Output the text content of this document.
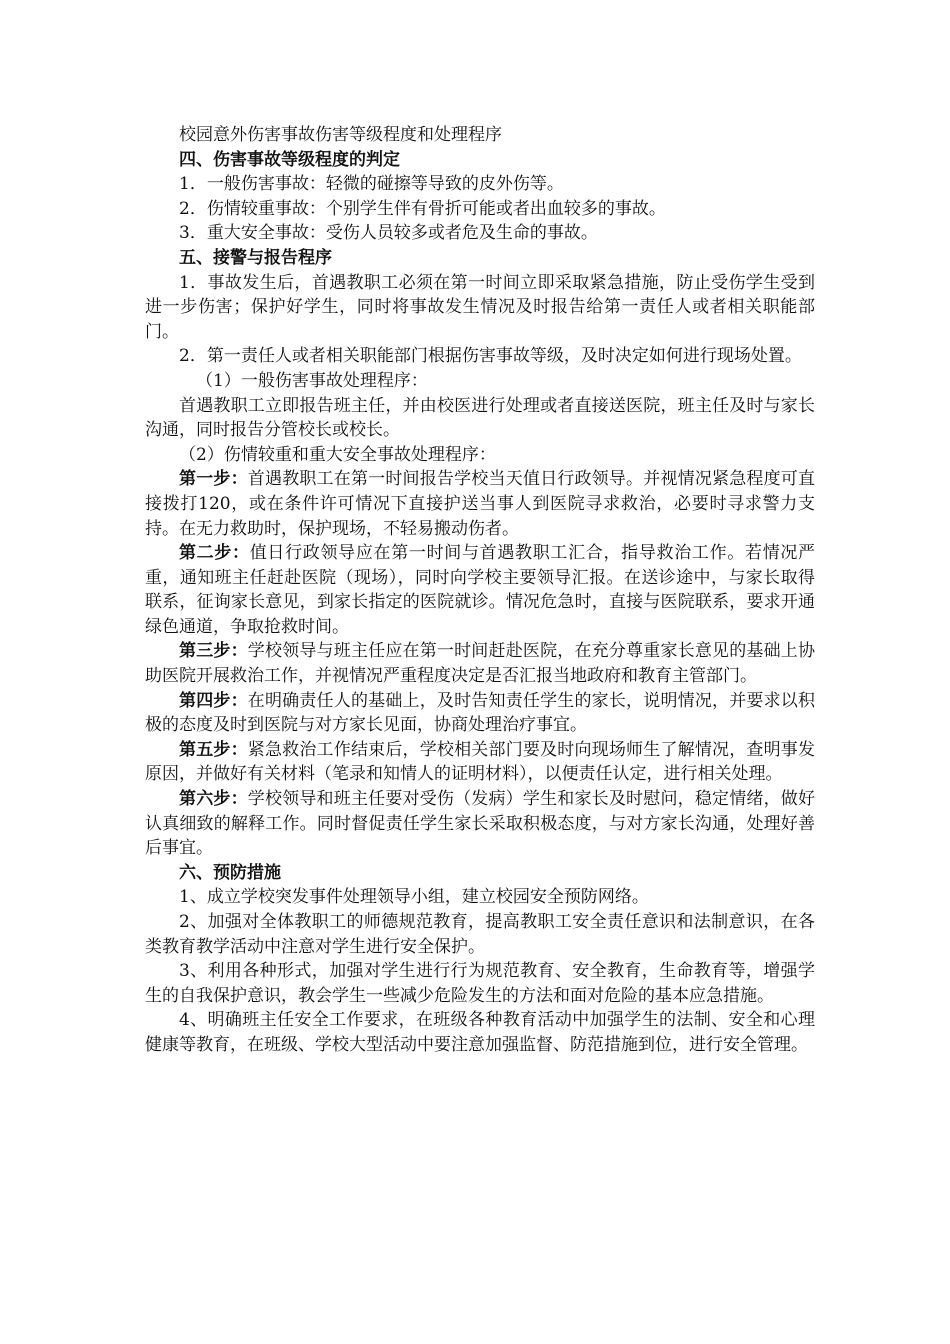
校园意外伤害事故伤害等级程度和处理程序

四、伤害事故等级程度的判定

1．一般伤害事故：轻微的碰擦等导致的皮外伤等。

2．伤情较重事故：个别学生伴有骨折可能或者出血较多的事故。

3．重大安全事故：受伤人员较多或者危及生命的事故。

五、接警与报告程序

1．事故发生后，首遇教职工必须在第一时间立即采取紧急措施，防止受伤学生受到进一步伤害；保护好学生，同时将事故发生情况及时报告给第一责任人或者相关职能部门。

2．第一责任人或者相关职能部门根据伤害事故等级，及时决定如何进行现场处置。

（1）一般伤害事故处理程序：

首遇教职工立即报告班主任，并由校医进行处理或者直接送医院，班主任及时与家长沟通，同时报告分管校长或校长。

（2）伤情较重和重大安全事故处理程序：

第一步：首遇教职工在第一时间报告学校当天值日行政领导。并视情况紧急程度可直接拨打120，或在条件许可情况下直接护送当事人到医院寻求救治，必要时寻求警力支持。在无力救助时，保护现场，不轻易搬动伤者。

第二步：值日行政领导应在第一时间与首遇教职工汇合，指导救治工作。若情况严重，通知班主任赶赴医院（现场），同时向学校主要领导汇报。在送诊途中，与家长取得联系，征询家长意见，到家长指定的医院就诊。情况危急时，直接与医院联系，要求开通绿色通道，争取抢救时间。

第三步：学校领导与班主任应在第一时间赶赴医院，在充分尊重家长意见的基础上协助医院开展救治工作，并视情况严重程度决定是否汇报当地政府和教育主管部门。

第四步：在明确责任人的基础上，及时告知责任学生的家长，说明情况，并要求以积极的态度及时到医院与对方家长见面，协商处理治疗事宜。

第五步：紧急救治工作结束后，学校相关部门要及时向现场师生了解情况，查明事发原因，并做好有关材料（笔录和知情人的证明材料），以便责任认定，进行相关处理。

第六步：学校领导和班主任要对受伤（发病）学生和家长及时慰问，稳定情绪，做好认真细致的解释工作。同时督促责任学生家长采取积极态度，与对方家长沟通，处理好善后事宜。

六、预防措施

1、成立学校突发事件处理领导小组，建立校园安全预防网络。

2、加强对全体教职工的师德规范教育，提高教职工安全责任意识和法制意识，在各类教育教学活动中注意对学生进行安全保护。

3、利用各种形式，加强对学生进行行为规范教育、安全教育，生命教育等，增强学生的自我保护意识，教会学生一些减少危险发生的方法和面对危险的基本应急措施。

4、明确班主任安全工作要求，在班级各种教育活动中加强学生的法制、安全和心理健康等教育，在班级、学校大型活动中要注意加强监督、防范措施到位，进行安全管理。
